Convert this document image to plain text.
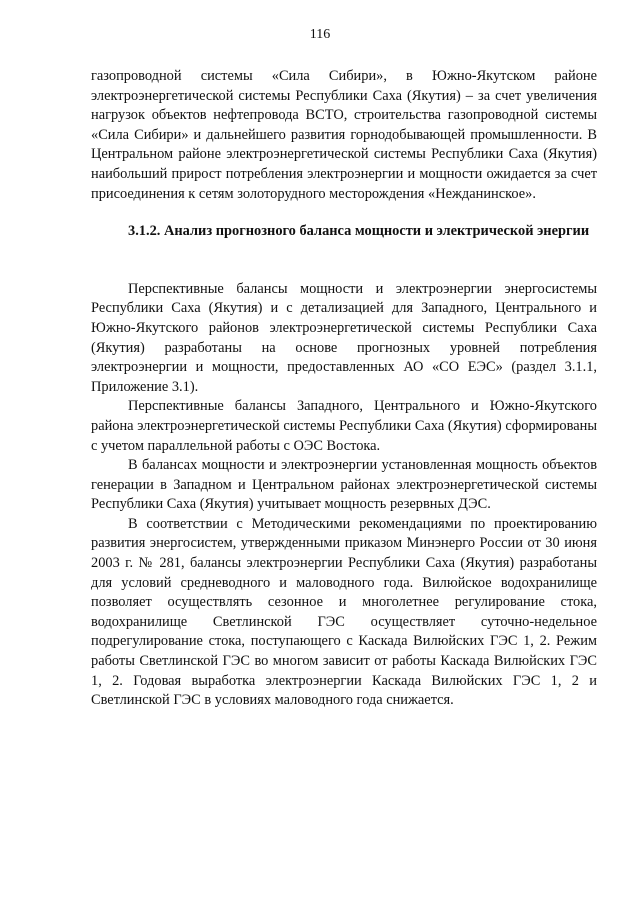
116

газопроводной системы «Сила Сибири», в Южно-Якутском районе электроэнергетической системы Республики Саха (Якутия) – за счет увеличения нагрузок объектов нефтепровода ВСТО, строительства газопроводной системы «Сила Сибири» и дальнейшего развития горнодобывающей промышленности. В Центральном районе электроэнергетической системы Республики Саха (Якутия) наибольший прирост потребления электроэнергии и мощности ожидается за счет присоединения к сетям золоторудного месторождения «Нежданинское».

3.1.2. Анализ прогнозного баланса мощности и электрической энергии

Перспективные балансы мощности и электроэнергии энергосистемы Республики Саха (Якутия) и с детализацией для Западного, Центрального и Южно-Якутского районов электроэнергетической системы Республики Саха (Якутия) разработаны на основе прогнозных уровней потребления электроэнергии и мощности, предоставленных АО «СО ЕЭС» (раздел 3.1.1, Приложение 3.1).

Перспективные балансы Западного, Центрального и Южно-Якутского района электроэнергетической системы Республики Саха (Якутия) сформированы с учетом параллельной работы с ОЭС Востока.

В балансах мощности и электроэнергии установленная мощность объектов генерации в Западном и Центральном районах электроэнергетической системы Республики Саха (Якутия) учитывает мощность резервных ДЭС.

В соответствии с Методическими рекомендациями по проектированию развития энергосистем, утвержденными приказом Минэнерго России от 30 июня 2003 г. № 281, балансы электроэнергии Республики Саха (Якутия) разработаны для условий средневодного и маловодного года. Вилюйское водохранилище позволяет осуществлять сезонное и многолетнее регулирование стока, водохранилище Светлинской ГЭС осуществляет суточно-недельное подрегулирование стока, поступающего с Каскада Вилюйских ГЭС 1, 2. Режим работы Светлинской ГЭС во многом зависит от работы Каскада Вилюйских ГЭС 1, 2. Годовая выработка электроэнергии Каскада Вилюйских ГЭС 1, 2 и Светлинской ГЭС в условиях маловодного года снижается.
